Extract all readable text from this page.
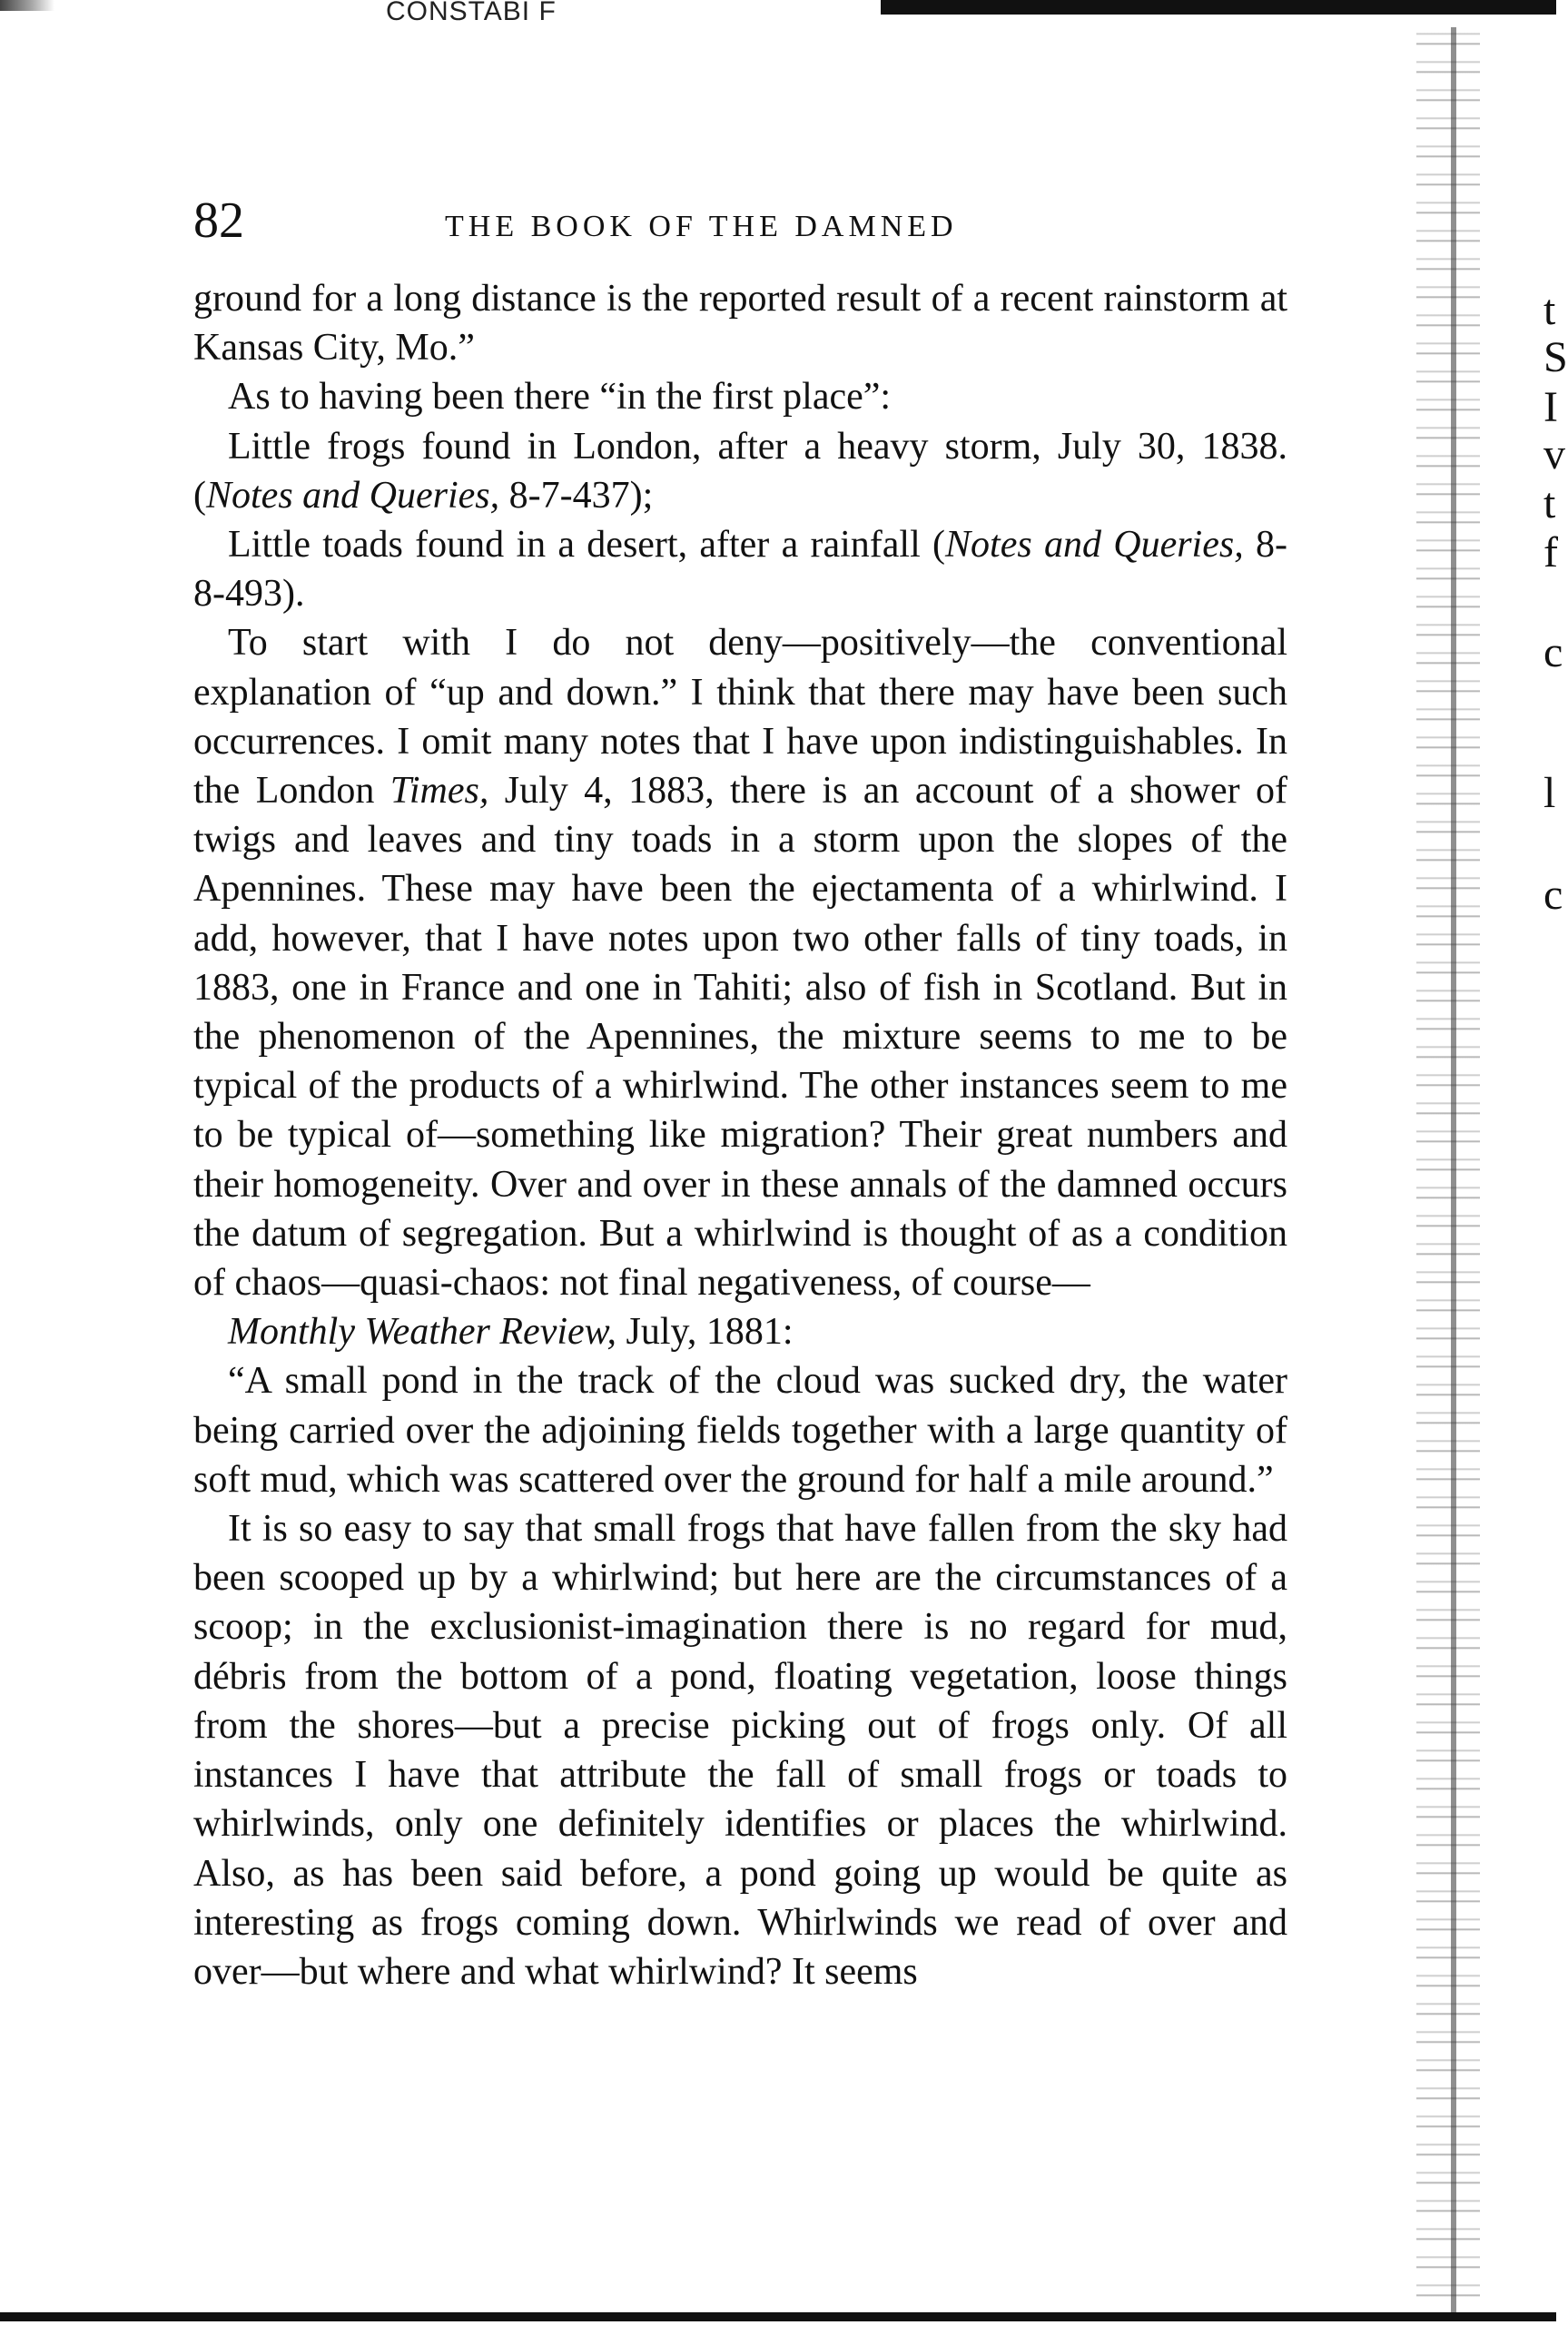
CONSTABI F
82	THE BOOK OF THE DAMNED

ground for a long distance is the reported result of a recent rainstorm at Kansas City, Mo.”

As to having been there “in the first place”:

Little frogs found in London, after a heavy storm, July 30, 1838. (Notes and Queries, 8-7-437);

Little toads found in a desert, after a rainfall (Notes and Queries, 8-8-493).

To start with I do not deny—positively—the conventional explanation of “up and down.” I think that there may have been such occurrences. I omit many notes that I have upon indistinguishables. In the London Times, July 4, 1883, there is an account of a shower of twigs and leaves and tiny toads in a storm upon the slopes of the Apennines. These may have been the ejectamenta of a whirlwind. I add, however, that I have notes upon two other falls of tiny toads, in 1883, one in France and one in Tahiti; also of fish in Scotland. But in the phenomenon of the Apennines, the mixture seems to me to be typical of the products of a whirlwind. The other instances seem to me to be typical of—something like migration? Their great numbers and their homogeneity. Over and over in these annals of the damned occurs the datum of segregation. But a whirlwind is thought of as a condition of chaos—quasi-chaos: not final negativeness, of course—

Monthly Weather Review, July, 1881:

“A small pond in the track of the cloud was sucked dry, the water being carried over the adjoining fields together with a large quantity of soft mud, which was scattered over the ground for half a mile around.”

It is so easy to say that small frogs that have fallen from the sky had been scooped up by a whirlwind; but here are the circumstances of a scoop; in the exclusionist-imagination there is no regard for mud, débris from the bottom of a pond, floating vegetation, loose things from the shores—but a precise picking out of frogs only. Of all instances I have that attribute the fall of small frogs or toads to whirlwinds, only one definitely identifies or places the whirlwind. Also, as has been said before, a pond going up would be quite as interesting as frogs coming down. Whirlwinds we read of over and over—but where and what whirlwind? It seems

t
S
I
v
t
f
c
l
c
